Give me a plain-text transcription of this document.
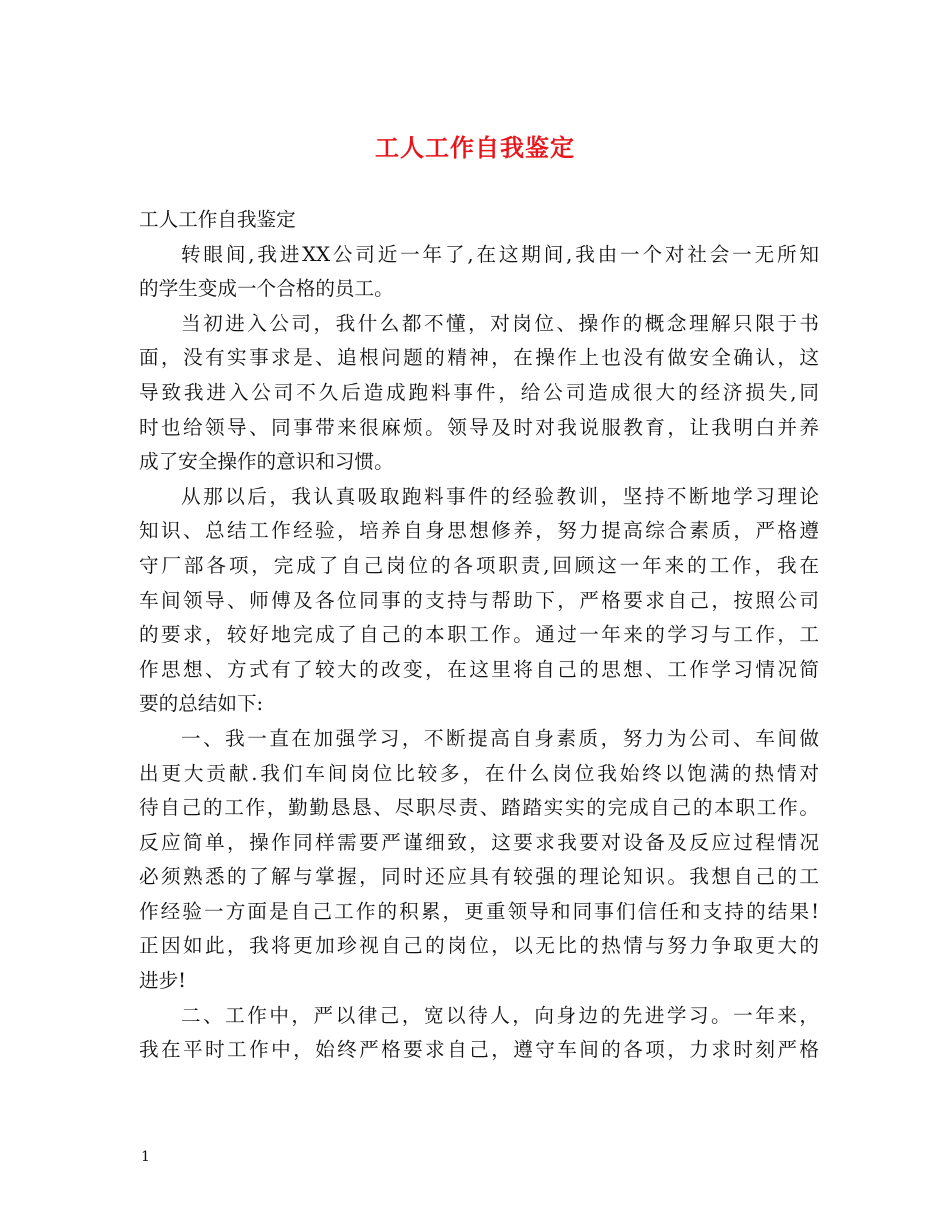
工人工作自我鉴定
工人工作自我鉴定
转眼间,我进XX公司近一年了,在这期间,我由一个对社会一无所知
的学生变成一个合格的员工。
当初进入公司，我什么都不懂，对岗位、操作的概念理解只限于书
面，没有实事求是、追根问题的精神，在操作上也没有做安全确认，这
导致我进入公司不久后造成跑料事件，给公司造成很大的经济损失,同
时也给领导、同事带来很麻烦。领导及时对我说服教育，让我明白并养
成了安全操作的意识和习惯。
从那以后，我认真吸取跑料事件的经验教训，坚持不断地学习理论
知识、总结工作经验，培养自身思想修养，努力提高综合素质，严格遵
守厂部各项，完成了自己岗位的各项职责,回顾这一年来的工作，我在
车间领导、师傅及各位同事的支持与帮助下，严格要求自己，按照公司
的要求，较好地完成了自己的本职工作。通过一年来的学习与工作，工
作思想、方式有了较大的改变，在这里将自己的思想、工作学习情况简
要的总结如下:
一、我一直在加强学习，不断提高自身素质，努力为公司、车间做
出更大贡献.我们车间岗位比较多，在什么岗位我始终以饱满的热情对
待自己的工作，勤勤恳恳、尽职尽责、踏踏实实的完成自己的本职工作。
反应简单，操作同样需要严谨细致，这要求我要对设备及反应过程情况
必须熟悉的了解与掌握，同时还应具有较强的理论知识。我想自己的工
作经验一方面是自己工作的积累，更重领导和同事们信任和支持的结果!
正因如此，我将更加珍视自己的岗位，以无比的热情与努力争取更大的
进步!
二、工作中，严以律己，宽以待人，向身边的先进学习。一年来，
我在平时工作中，始终严格要求自己，遵守车间的各项，力求时刻严格
1
